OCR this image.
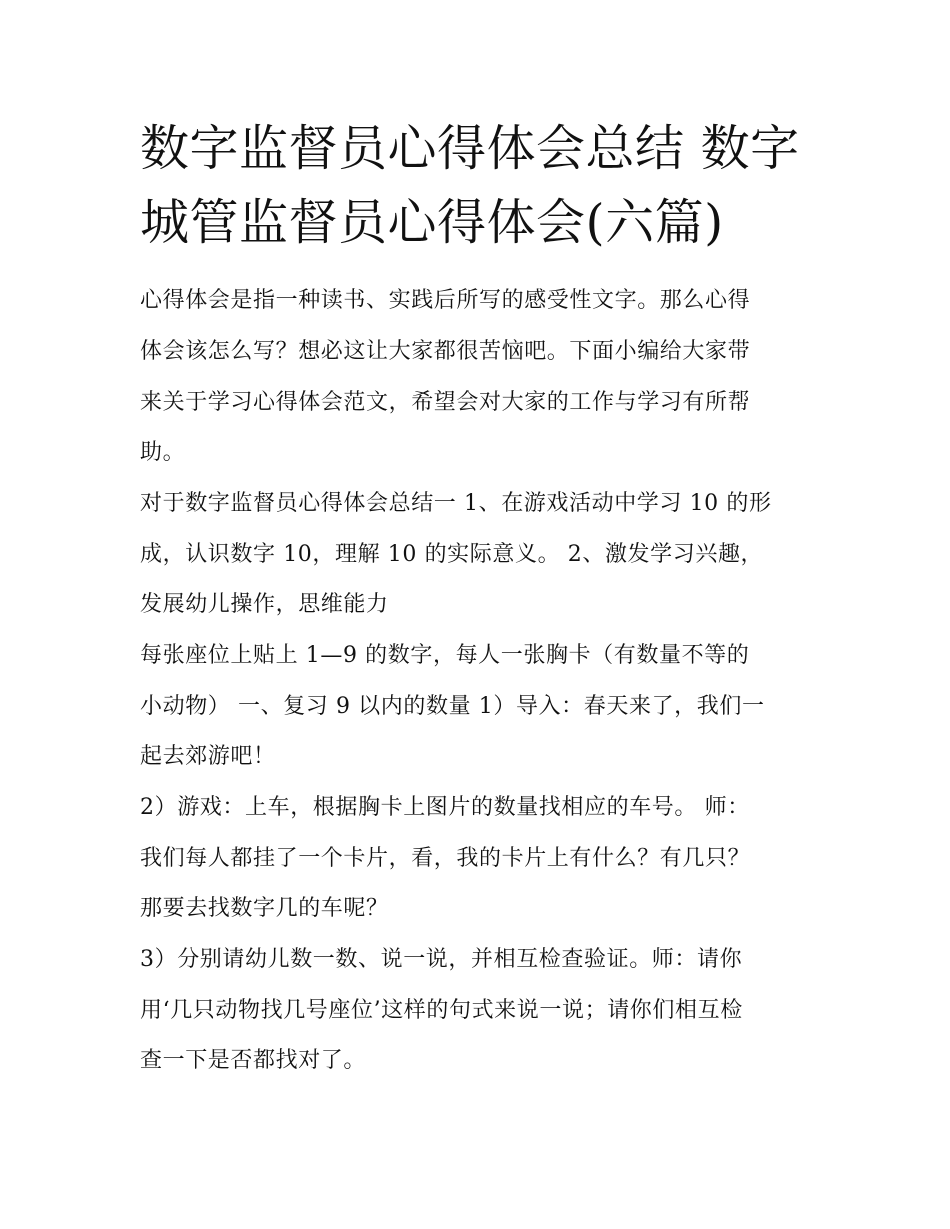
数字监督员心得体会总结 数字
城管监督员心得体会(六篇)

心得体会是指一种读书、实践后所写的感受性文字。那么心得

体会该怎么写？想必这让大家都很苦恼吧。下面小编给大家带

来关于学习心得体会范文，希望会对大家的工作与学习有所帮

助。

对于数字监督员心得体会总结一 1、在游戏活动中学习 10 的形

成，认识数字 10，理解 10 的实际意义。 2、激发学习兴趣，

发展幼儿操作，思维能力

每张座位上贴上 1—9 的数字，每人一张胸卡（有数量不等的

小动物） 一、复习 9 以内的数量 1）导入：春天来了，我们一

起去郊游吧！

2）游戏：上车，根据胸卡上图片的数量找相应的车号。 师：

我们每人都挂了一个卡片，看，我的卡片上有什么？有几只？

那要去找数字几的车呢？

3）分别请幼儿数一数、说一说，并相互检查验证。师：请你

用‘几只动物找几号座位’这样的句式来说一说；请你们相互检

查一下是否都找对了。
